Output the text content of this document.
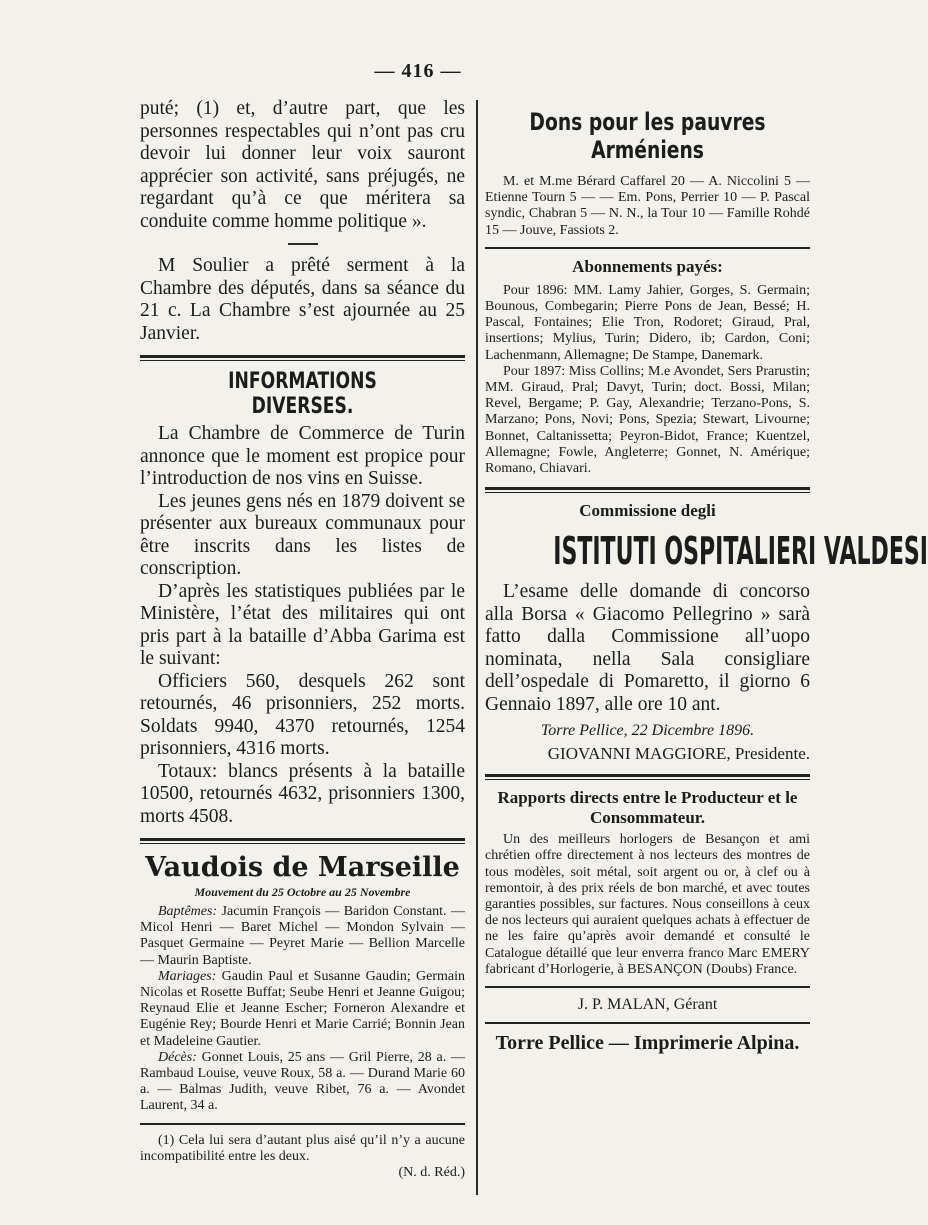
— 416 —

puté; (1) et, d’autre part, que les personnes respectables qui n’ont pas cru devoir lui donner leur voix sauront apprécier son activité, sans préjugés, ne regardant qu’à ce que méritera sa conduite comme homme politique ».

M Soulier a prêté serment à la Chambre des députés, dans sa séance du 21 c. La Chambre s’est ajournée au 25 Janvier.

INFORMATIONS DIVERSES.

La Chambre de Commerce de Turin annonce que le moment est propice pour l’introduction de nos vins en Suisse.

Les jeunes gens nés en 1879 doivent se présenter aux bureaux communaux pour être inscrits dans les listes de conscription.

D’après les statistiques publiées par le Ministère, l’état des militaires qui ont pris part à la bataille d’Abba Garima est le suivant:

Officiers 560, desquels 262 sont retournés, 46 prisonniers, 252 morts. Soldats 9940, 4370 retournés, 1254 prisonniers, 4316 morts.

Totaux: blancs présents à la bataille 10500, retournés 4632, prisonniers 1300, morts 4508.

Vaudois de Marseille
Mouvement du 25 Octobre au 25 Novembre

Baptêmes: Jacumin François — Baridon Constant. — Micol Henri — Baret Michel — Mondon Sylvain — Pasquet Germaine — Peyret Marie — Bellion Marcelle — Maurin Baptiste.

Mariages: Gaudin Paul et Susanne Gaudin; Germain Nicolas et Rosette Buffat; Seube Henri et Jeanne Guigou; Reynaud Elie et Jeanne Escher; Forneron Alexandre et Eugénie Rey; Bourde Henri et Marie Carrié; Bonnin Jean et Madeleine Gautier.

Décès: Gonnet Louis, 25 ans — Gril Pierre, 28 a. — Rambaud Louise, veuve Roux, 58 a. — Durand Marie 60 a. — Balmas Judith, veuve Ribet, 76 a. — Avondet Laurent, 34 a.

(1) Cela lui sera d’autant plus aisé qu’il n’y a aucune incompatibilité entre les deux.

(N. d. Réd.)
Dons pour les pauvres Arméniens

M. et M.me Bérard Caffarel 20 — A. Niccolini 5 — Etienne Tourn 5 — — Em. Pons, Perrier 10 — P. Pascal syndic, Chabran 5 — N. N., la Tour 10 — Famille Rohdé 15 — Jouve, Fassiots 2.

Abonnements payés:

Pour 1896: MM. Lamy Jahier, Gorges, S. Germain; Bounous, Combegarin; Pierre Pons de Jean, Bessé; H. Pascal, Fontaines; Elie Tron, Rodoret; Giraud, Pral, insertions; Mylius, Turin; Didero, ib; Cardon, Coni; Lachenmann, Allemagne; De Stampe, Danemark.

Pour 1897: Miss Collins; M.e Avondet, Sers Prarustin; MM. Giraud, Pral; Davyt, Turin; doct. Bossi, Milan; Revel, Bergame; P. Gay, Alexandrie; Terzano-Pons, S. Marzano; Pons, Novi; Pons, Spezia; Stewart, Livourne; Bonnet, Caltanissetta; Peyron-Bidot, France; Kuentzel, Allemagne; Fowle, Angleterre; Gonnet, N. Amérique; Romano, Chiavari.

Commissione degli
ISTITUTI OSPITALIERI VALDESI

L’esame delle domande di concorso alla Borsa « Giacomo Pellegrino » sarà fatto dalla Commissione all’uopo nominata, nella Sala consigliare dell’ospedale di Pomaretto, il giorno 6 Gennaio 1897, alle ore 10 ant.

Torre Pellice, 22 Dicembre 1896.
GIOVANNI MAGGIORE, Presidente.
Rapports directs entre le Producteur et le Consommateur.

Un des meilleurs horlogers de Besançon et ami chrétien offre directement à nos lecteurs des montres de tous modèles, soit métal, soit argent ou or, à clef ou à remontoir, à des prix réels de bon marché, et avec toutes garanties possibles, sur factures. Nous conseillons à ceux de nos lecteurs qui auraient quelques achats à effectuer de ne les faire qu’après avoir demandé et consulté le Catalogue détaillé que leur enverra franco Marc EMERY fabricant d’Horlogerie, à BESANÇON (Doubs) France.

J. P. MALAN, Gérant
Torre Pellice — Imprimerie Alpina.
